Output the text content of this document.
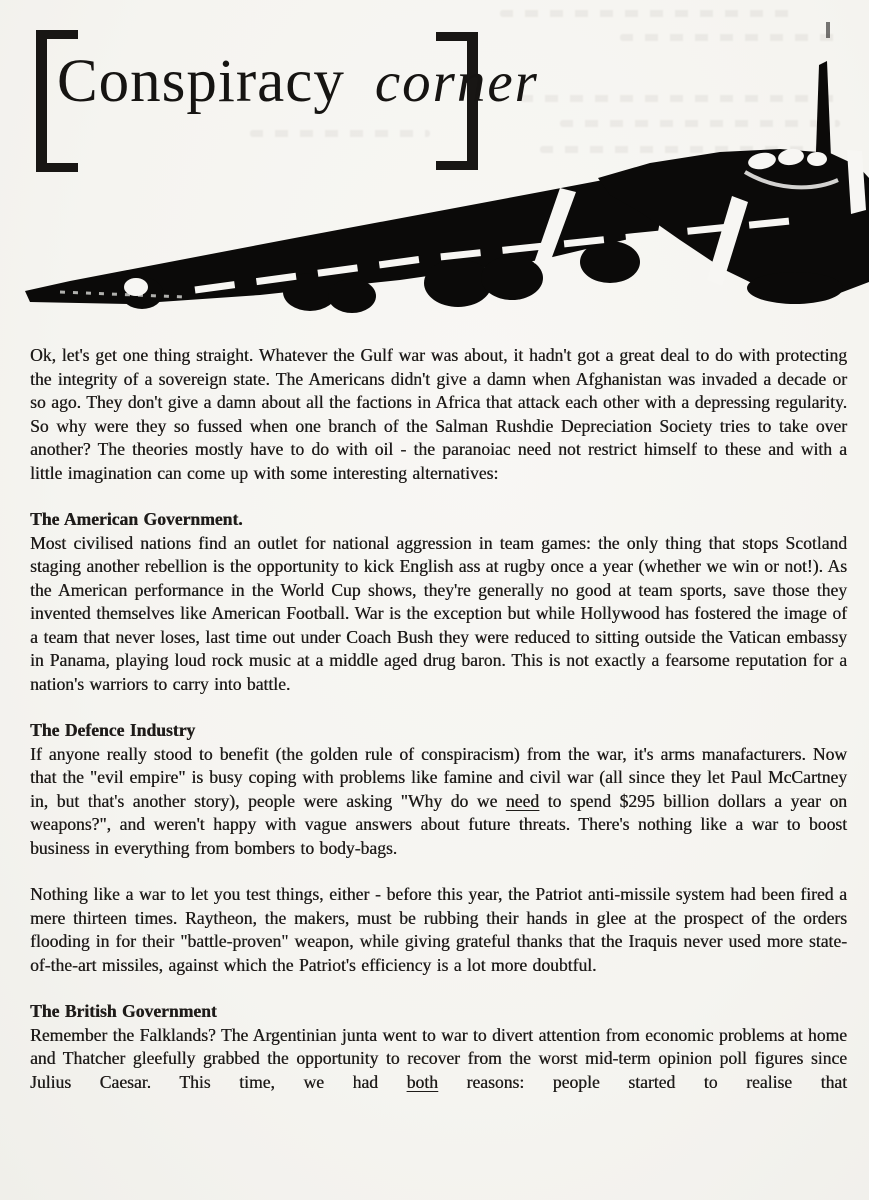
Conspiracy corner

Ok, let's get one thing straight. Whatever the Gulf war was about, it hadn't got a great deal to do with protecting the integrity of a sovereign state. The Americans didn't give a damn when Afghanistan was invaded a decade or so ago. They don't give a damn about all the factions in Africa that attack each other with a depressing regularity. So why were they so fussed when one branch of the Salman Rushdie Depreciation Society tries to take over another? The theories mostly have to do with oil - the paranoiac need not restrict himself to these and with a little imagination can come up with some interesting alternatives:

The American Government.

Most civilised nations find an outlet for national aggression in team games: the only thing that stops Scotland staging another rebellion is the opportunity to kick English ass at rugby once a year (whether we win or not!). As the American performance in the World Cup shows, they're generally no good at team sports, save those they invented themselves like American Football. War is the exception but while Hollywood has fostered the image of a team that never loses, last time out under Coach Bush they were reduced to sitting outside the Vatican embassy in Panama, playing loud rock music at a middle aged drug baron. This is not exactly a fearsome reputation for a nation's warriors to carry into battle.

The Defence Industry

If anyone really stood to benefit (the golden rule of conspiracism) from the war, it's arms manafacturers. Now that the "evil empire" is busy coping with problems like famine and civil war (all since they let Paul McCartney in, but that's another story), people were asking "Why do we need to spend $295 billion dollars a year on weapons?", and weren't happy with vague answers about future threats. There's nothing like a war to boost business in everything from bombers to body-bags.

Nothing like a war to let you test things, either - before this year, the Patriot anti-missile system had been fired a mere thirteen times. Raytheon, the makers, must be rubbing their hands in glee at the prospect of the orders flooding in for their "battle-proven" weapon, while giving grateful thanks that the Iraquis never used more state-of-the-art missiles, against which the Patriot's efficiency is a lot more doubtful.

The British Government

Remember the Falklands? The Argentinian junta went to war to divert attention from economic problems at home and Thatcher gleefully grabbed the opportunity to recover from the worst mid-term opinion poll figures since Julius Caesar. This time, we had both reasons: people started to realise that
